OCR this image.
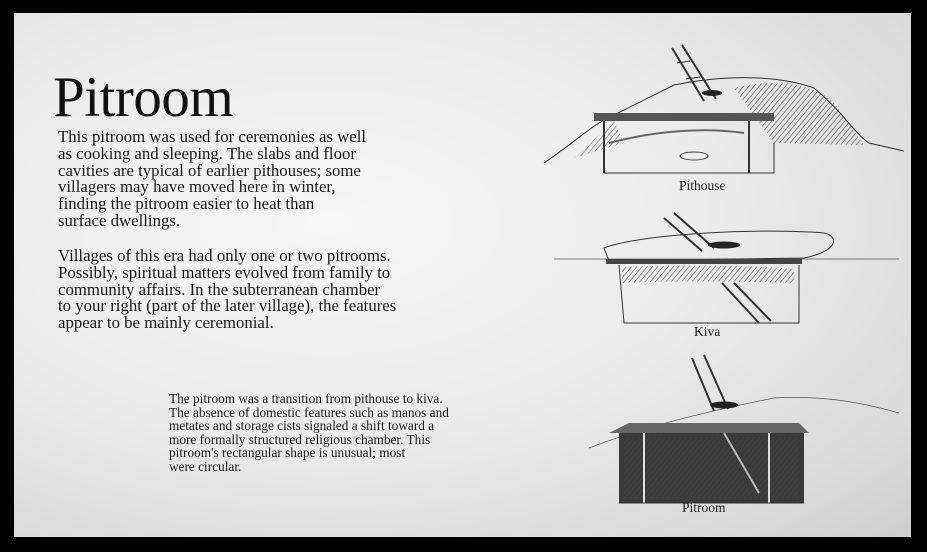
Pitroom

This pitroom was used for ceremonies as well
as cooking and sleeping. The slabs and floor
cavities are typical of earlier pithouses; some
villagers may have moved here in winter,
finding the pitroom easier to heat than
surface dwellings.

Villages of this era had only one or two pitrooms.
Possibly, spiritual matters evolved from family to
community affairs. In the subterranean chamber
to your right (part of the later village), the features
appear to be mainly ceremonial.

The pitroom was a transition from pithouse to kiva.
The absence of domestic features such as manos and
metates and storage cists signaled a shift toward a
more formally structured religious chamber. This
pitroom's rectangular shape is unusual; most
were circular.

Pithouse
Kiva
Pitroom
